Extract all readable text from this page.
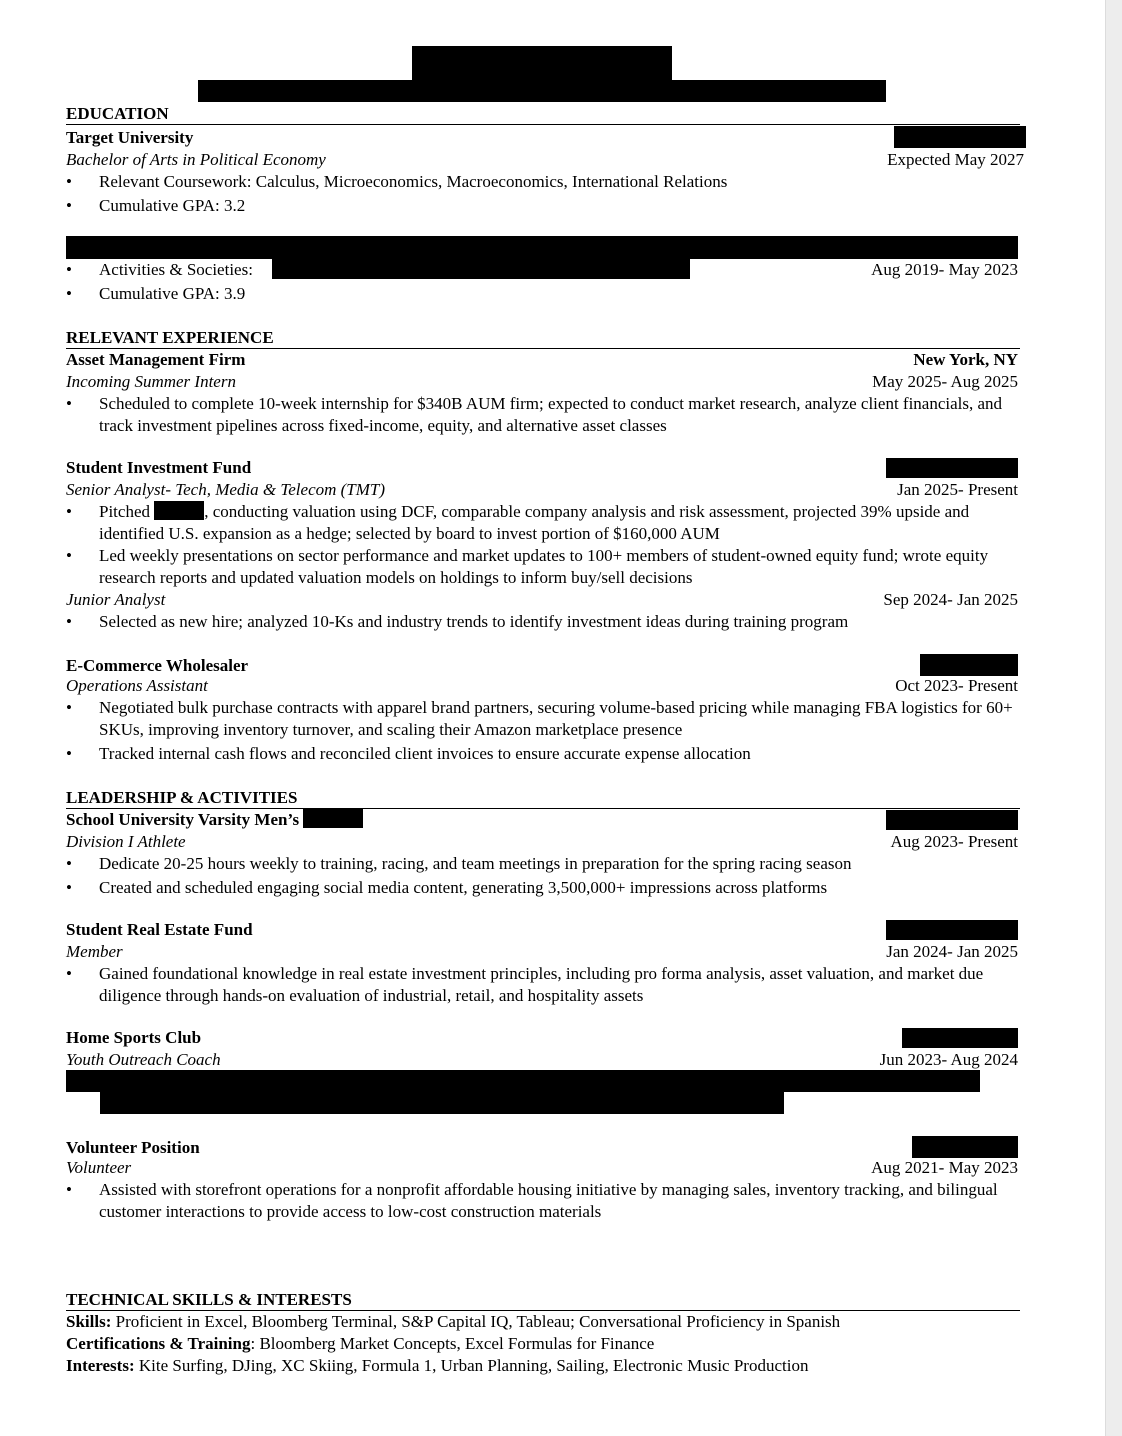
EDUCATION
Target University
Bachelor of Arts in Political Economy	Expected May 2027
•	Relevant Coursework: Calculus, Microeconomics, Macroeconomics, International Relations
•	Cumulative GPA: 3.2
•	Activities & Societies:	Aug 2019- May 2023
•	Cumulative GPA: 3.9
RELEVANT EXPERIENCE
Asset Management Firm	New York, NY
Incoming Summer Intern	May 2025- Aug 2025
•	Scheduled to complete 10-week internship for $340B AUM firm; expected to conduct market research, analyze client financials, and track investment pipelines across fixed-income, equity, and alternative asset classes
Student Investment Fund
Senior Analyst- Tech, Media & Telecom (TMT)	Jan 2025- Present
•	Pitched	, conducting valuation using DCF, comparable company analysis and risk assessment, projected 39% upside and identified U.S. expansion as a hedge; selected by board to invest portion of $160,000 AUM
•	Led weekly presentations on sector performance and market updates to 100+ members of student-owned equity fund; wrote equity research reports and updated valuation models on holdings to inform buy/sell decisions
Junior Analyst	Sep 2024- Jan 2025
•	Selected as new hire; analyzed 10-Ks and industry trends to identify investment ideas during training program
E-Commerce Wholesaler
Operations Assistant	Oct 2023- Present
•	Negotiated bulk purchase contracts with apparel brand partners, securing volume-based pricing while managing FBA logistics for 60+ SKUs, improving inventory turnover, and scaling their Amazon marketplace presence
•	Tracked internal cash flows and reconciled client invoices to ensure accurate expense allocation
LEADERSHIP & ACTIVITIES
School University Varsity Men’s
Division I Athlete	Aug 2023- Present
•	Dedicate 20-25 hours weekly to training, racing, and team meetings in preparation for the spring racing season
•	Created and scheduled engaging social media content, generating 3,500,000+ impressions across platforms
Student Real Estate Fund
Member	Jan 2024- Jan 2025
•	Gained foundational knowledge in real estate investment principles, including pro forma analysis, asset valuation, and market due diligence through hands-on evaluation of industrial, retail, and hospitality assets
Home Sports Club
Youth Outreach Coach	Jun 2023- Aug 2024
Volunteer Position
Volunteer	Aug 2021- May 2023
•	Assisted with storefront operations for a nonprofit affordable housing initiative by managing sales, inventory tracking, and bilingual customer interactions to provide access to low-cost construction materials
TECHNICAL SKILLS & INTERESTS
Skills: Proficient in Excel, Bloomberg Terminal, S&P Capital IQ, Tableau; Conversational Proficiency in Spanish
Certifications & Training: Bloomberg Market Concepts, Excel Formulas for Finance
Interests: Kite Surfing, DJing, XC Skiing, Formula 1, Urban Planning, Sailing, Electronic Music Production
